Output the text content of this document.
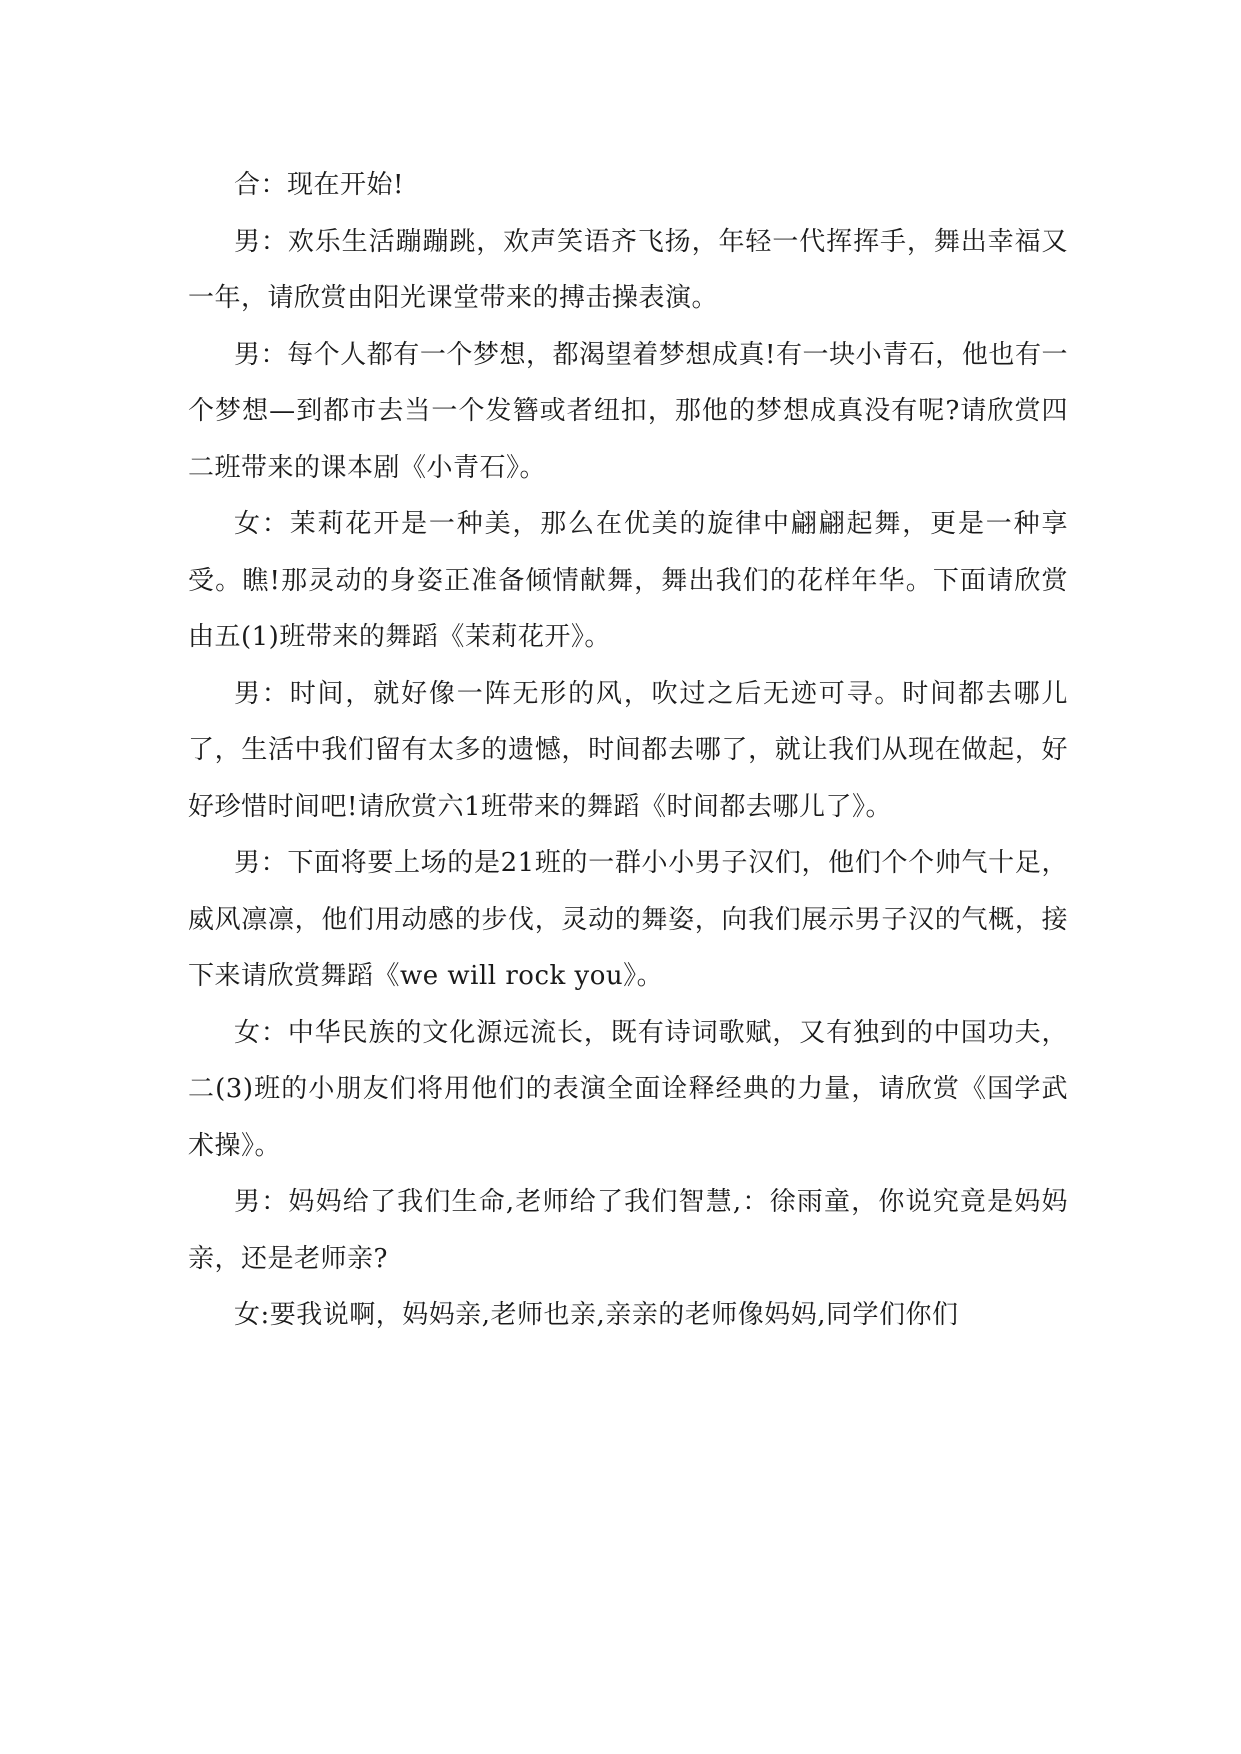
合：现在开始!

男：欢乐生活蹦蹦跳，欢声笑语齐飞扬，年轻一代挥挥手，舞出幸福又一年，请欣赏由阳光课堂带来的搏击操表演。

男：每个人都有一个梦想，都渴望着梦想成真!有一块小青石，他也有一个梦想—到都市去当一个发簪或者纽扣，那他的梦想成真没有呢?请欣赏四二班带来的课本剧《小青石》。

女：茉莉花开是一种美，那么在优美的旋律中翩翩起舞，更是一种享受。瞧!那灵动的身姿正准备倾情献舞，舞出我们的花样年华。下面请欣赏由五(1)班带来的舞蹈《茉莉花开》。

男：时间，就好像一阵无形的风，吹过之后无迹可寻。时间都去哪儿了，生活中我们留有太多的遗憾，时间都去哪了，就让我们从现在做起，好好珍惜时间吧!请欣赏六1班带来的舞蹈《时间都去哪儿了》。

男：下面将要上场的是21班的一群小小男子汉们，他们个个帅气十足，威风凛凛，他们用动感的步伐，灵动的舞姿，向我们展示男子汉的气概，接下来请欣赏舞蹈《we will rock you》。

女：中华民族的文化源远流长，既有诗词歌赋，又有独到的中国功夫，二(3)班的小朋友们将用他们的表演全面诠释经典的力量，请欣赏《国学武术操》。

男：妈妈给了我们生命,老师给了我们智慧,：徐雨童，你说究竟是妈妈亲，还是老师亲?

女:要我说啊，妈妈亲,老师也亲,亲亲的老师像妈妈,同学们你们
